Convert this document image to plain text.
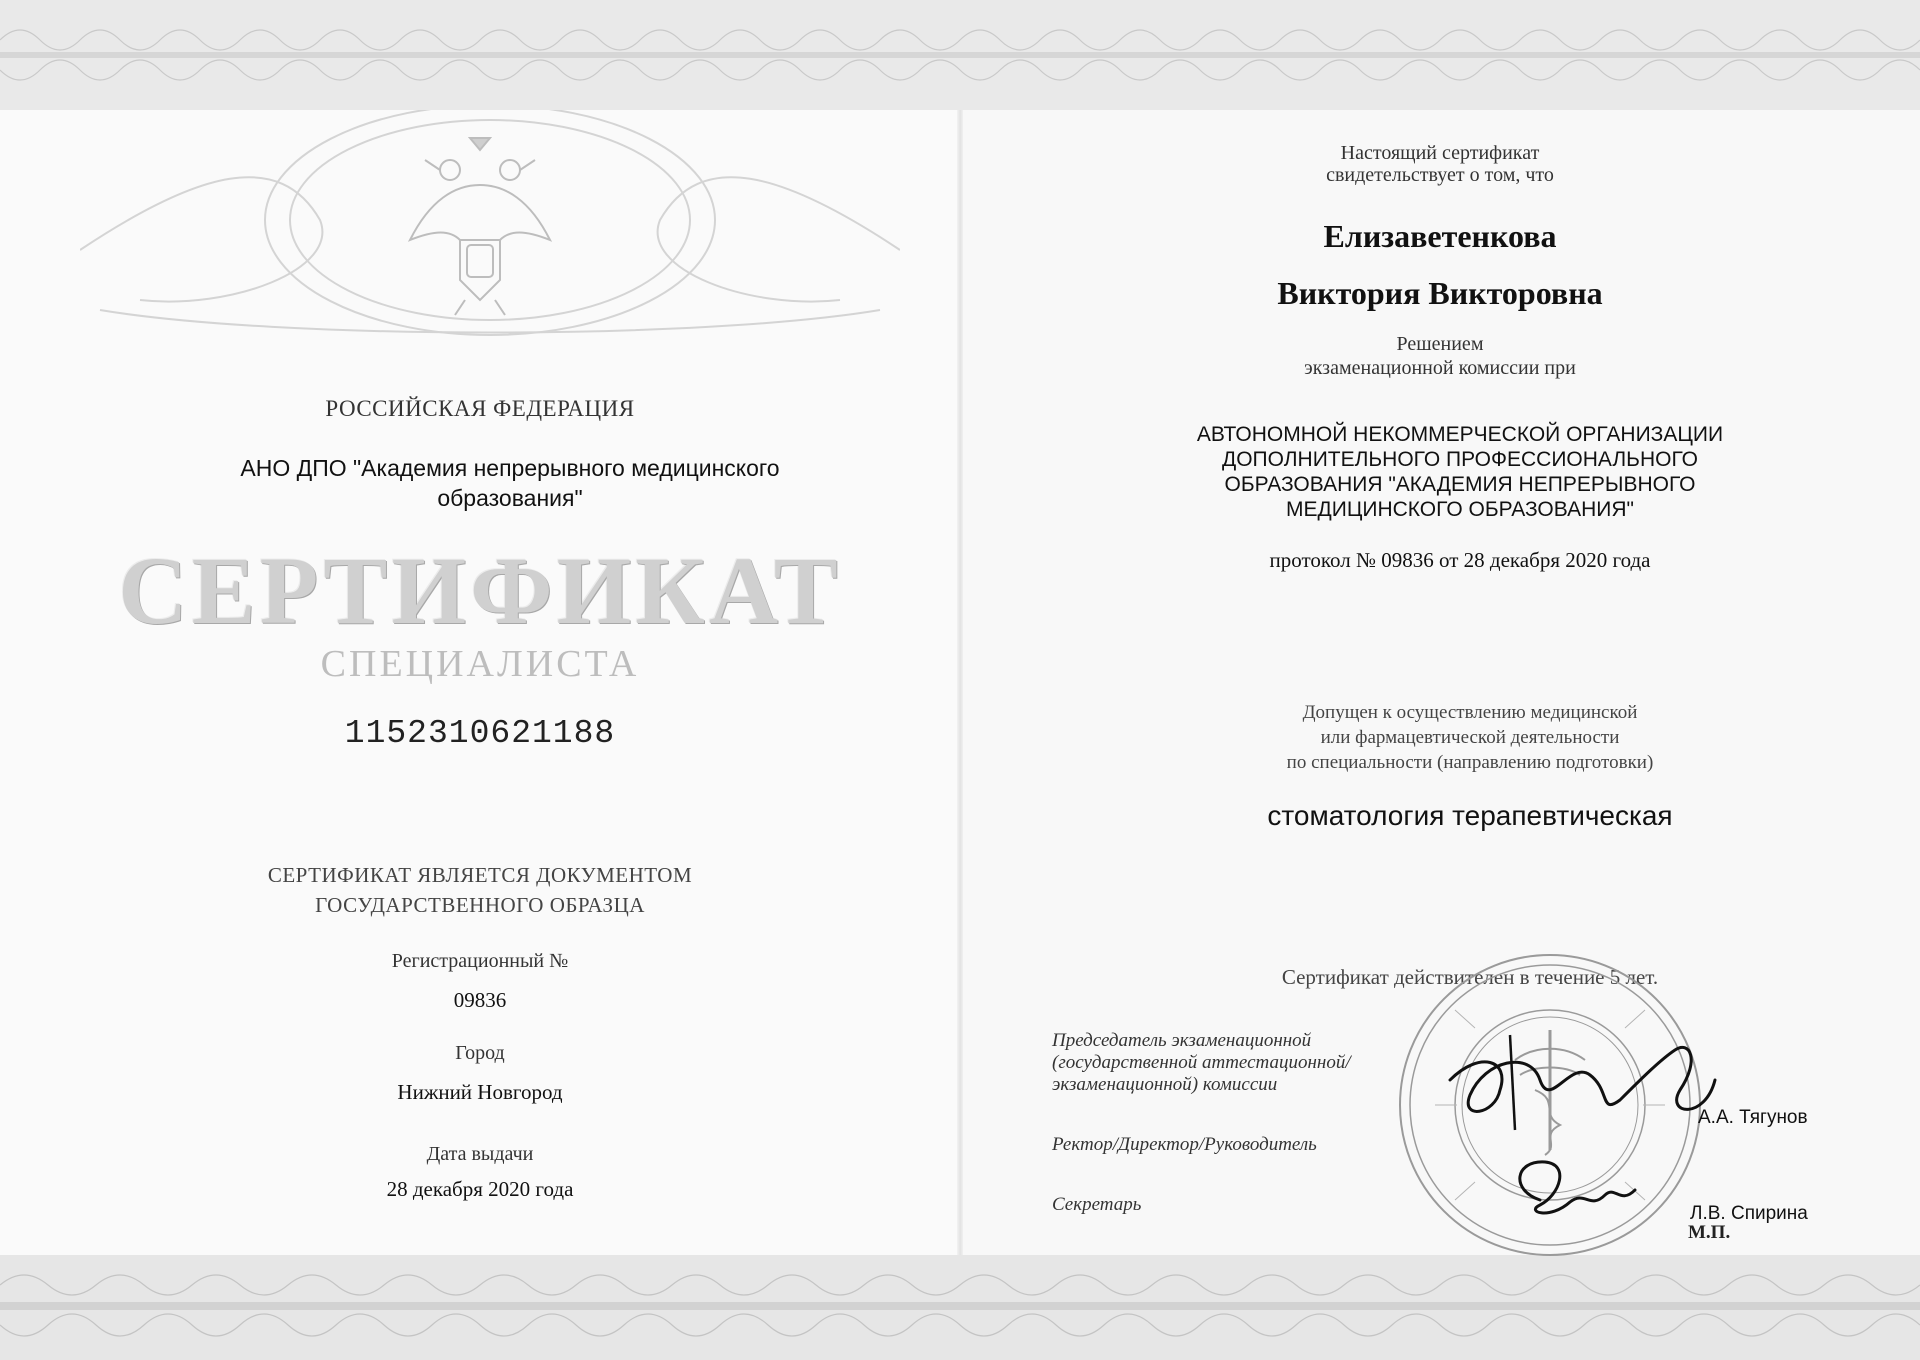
РОССИЙСКАЯ ФЕДЕРАЦИЯ
АНО ДПО "Академия непрерывного медицинского
образования"
СЕРТИФИКАТ
СПЕЦИАЛИСТА
1152310621188
СЕРТИФИКАТ ЯВЛЯЕТСЯ ДОКУМЕНТОМ
ГОСУДАРСТВЕННОГО ОБРАЗЦА
Регистрационный №
09836
Город
Нижний Новгород
Дата выдачи
28 декабря 2020 года
Настоящий сертификат
свидетельствует о том, что
Елизаветенкова
Виктория Викторовна
Решением
экзаменационной комиссии при
АВТОНОМНОЙ НЕКОММЕРЧЕСКОЙ ОРГАНИЗАЦИИ
ДОПОЛНИТЕЛЬНОГО ПРОФЕССИОНАЛЬНОГО
ОБРАЗОВАНИЯ "АКАДЕМИЯ НЕПРЕРЫВНОГО
МЕДИЦИНСКОГО ОБРАЗОВАНИЯ"
протокол № 09836 от 28 декабря 2020 года
Допущен к осуществлению медицинской
или фармацевтической деятельности
по специальности (направлению подготовки)
стоматология терапевтическая
Сертификат действителен в течение 5 лет.
Председатель экзаменационной
(государственной аттестационной/
экзаменационной) комиссии
Ректор/Директор/Руководитель
Секретарь
А.А. Тягунов
Л.В. Спирина
М.П.
